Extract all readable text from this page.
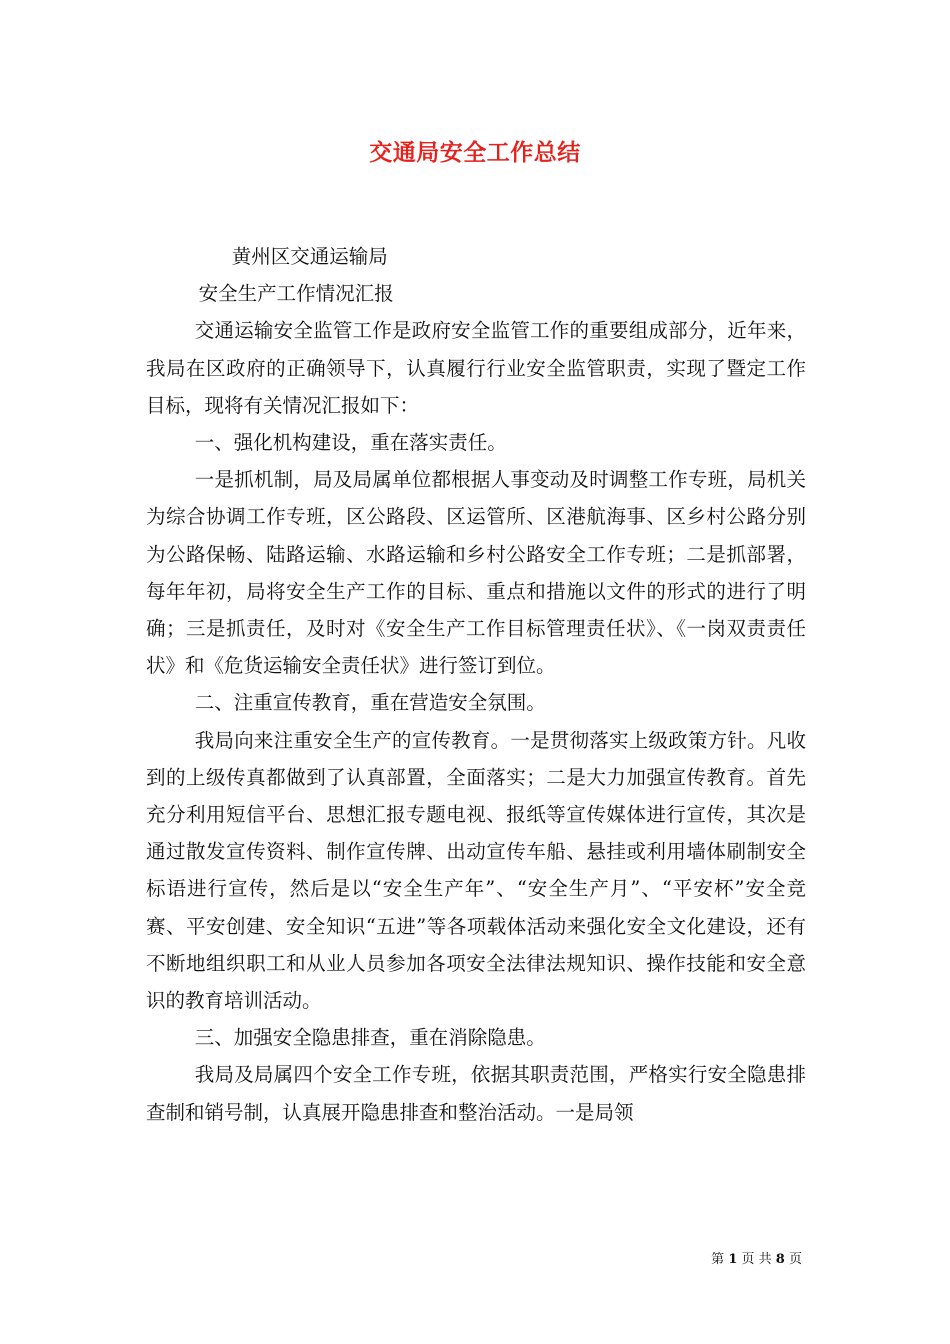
交通局安全工作总结

黄州区交通运输局

安全生产工作情况汇报

交通运输安全监管工作是政府安全监管工作的重要组成部分，近年来，我局在区政府的正确领导下，认真履行行业安全监管职责，实现了暨定工作目标，现将有关情况汇报如下：

一、强化机构建设，重在落实责任。

一是抓机制，局及局属单位都根据人事变动及时调整工作专班，局机关为综合协调工作专班，区公路段、区运管所、区港航海事、区乡村公路分别为公路保畅、陆路运输、水路运输和乡村公路安全工作专班；二是抓部署，每年年初，局将安全生产工作的目标、重点和措施以文件的形式的进行了明确；三是抓责任，及时对《安全生产工作目标管理责任状》、《一岗双责责任状》和《危货运输安全责任状》进行签订到位。

二、注重宣传教育，重在营造安全氛围。

我局向来注重安全生产的宣传教育。一是贯彻落实上级政策方针。凡收到的上级传真都做到了认真部置，全面落实；二是大力加强宣传教育。首先充分利用短信平台、思想汇报专题电视、报纸等宣传媒体进行宣传，其次是通过散发宣传资料、制作宣传牌、出动宣传车船、悬挂或利用墙体刷制安全标语进行宣传，然后是以“安全生产年”、“安全生产月”、“平安杯”安全竞赛、平安创建、安全知识“五进”等各项载体活动来强化安全文化建设，还有不断地组织职工和从业人员参加各项安全法律法规知识、操作技能和安全意识的教育培训活动。

三、加强安全隐患排查，重在消除隐患。

我局及局属四个安全工作专班，依据其职责范围，严格实行安全隐患排查制和销号制，认真展开隐患排查和整治活动。一是局领

第 1 页 共 8 页
